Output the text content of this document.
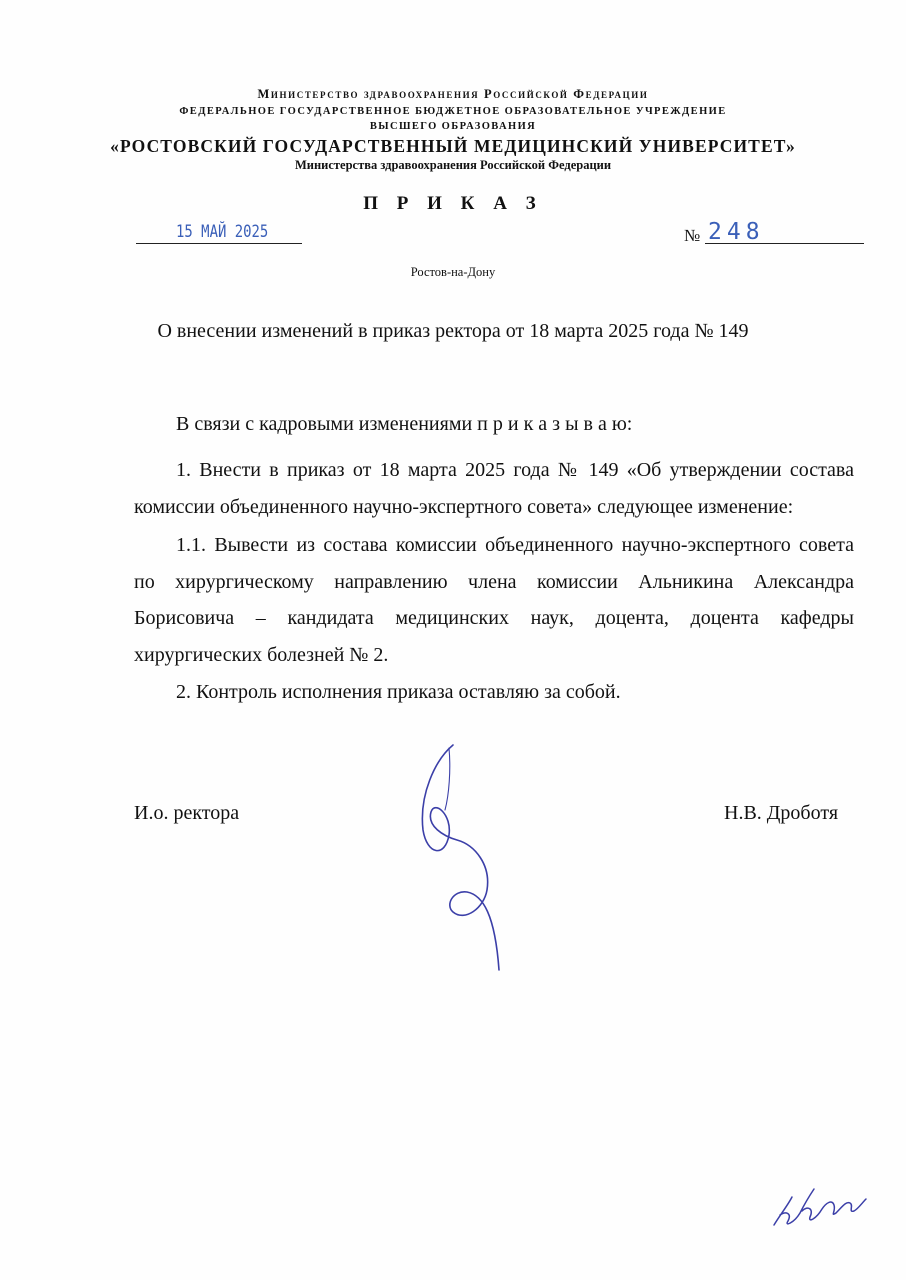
Министерство здравоохранения Российской Федерации
ФЕДЕРАЛЬНОЕ ГОСУДАРСТВЕННОЕ БЮДЖЕТНОЕ ОБРАЗОВАТЕЛЬНОЕ УЧРЕЖДЕНИЕ
ВЫСШЕГО ОБРАЗОВАНИЯ
«РОСТОВСКИЙ ГОСУДАРСТВЕННЫЙ МЕДИЦИНСКИЙ УНИВЕРСИТЕТ»
Министерства здравоохранения Российской Федерации
П Р И К А З
15 МАЙ 2025	№ 248
Ростов-на-Дону
О внесении изменений в приказ ректора от 18 марта 2025 года № 149
В связи с кадровыми изменениями п р и к а з ы в а ю:
1. Внести в приказ от 18 марта 2025 года № 149 «Об утверждении состава комиссии объединенного научно-экспертного совета» следующее изменение:
1.1. Вывести из состава комиссии объединенного научно-экспертного совета по хирургическому направлению члена комиссии Альникина Александра Борисовича – кандидата медицинских наук, доцента, доцента кафедры хирургических болезней № 2.
2. Контроль исполнения приказа оставляю за собой.
И.о. ректора	Н.В. Дроботя
